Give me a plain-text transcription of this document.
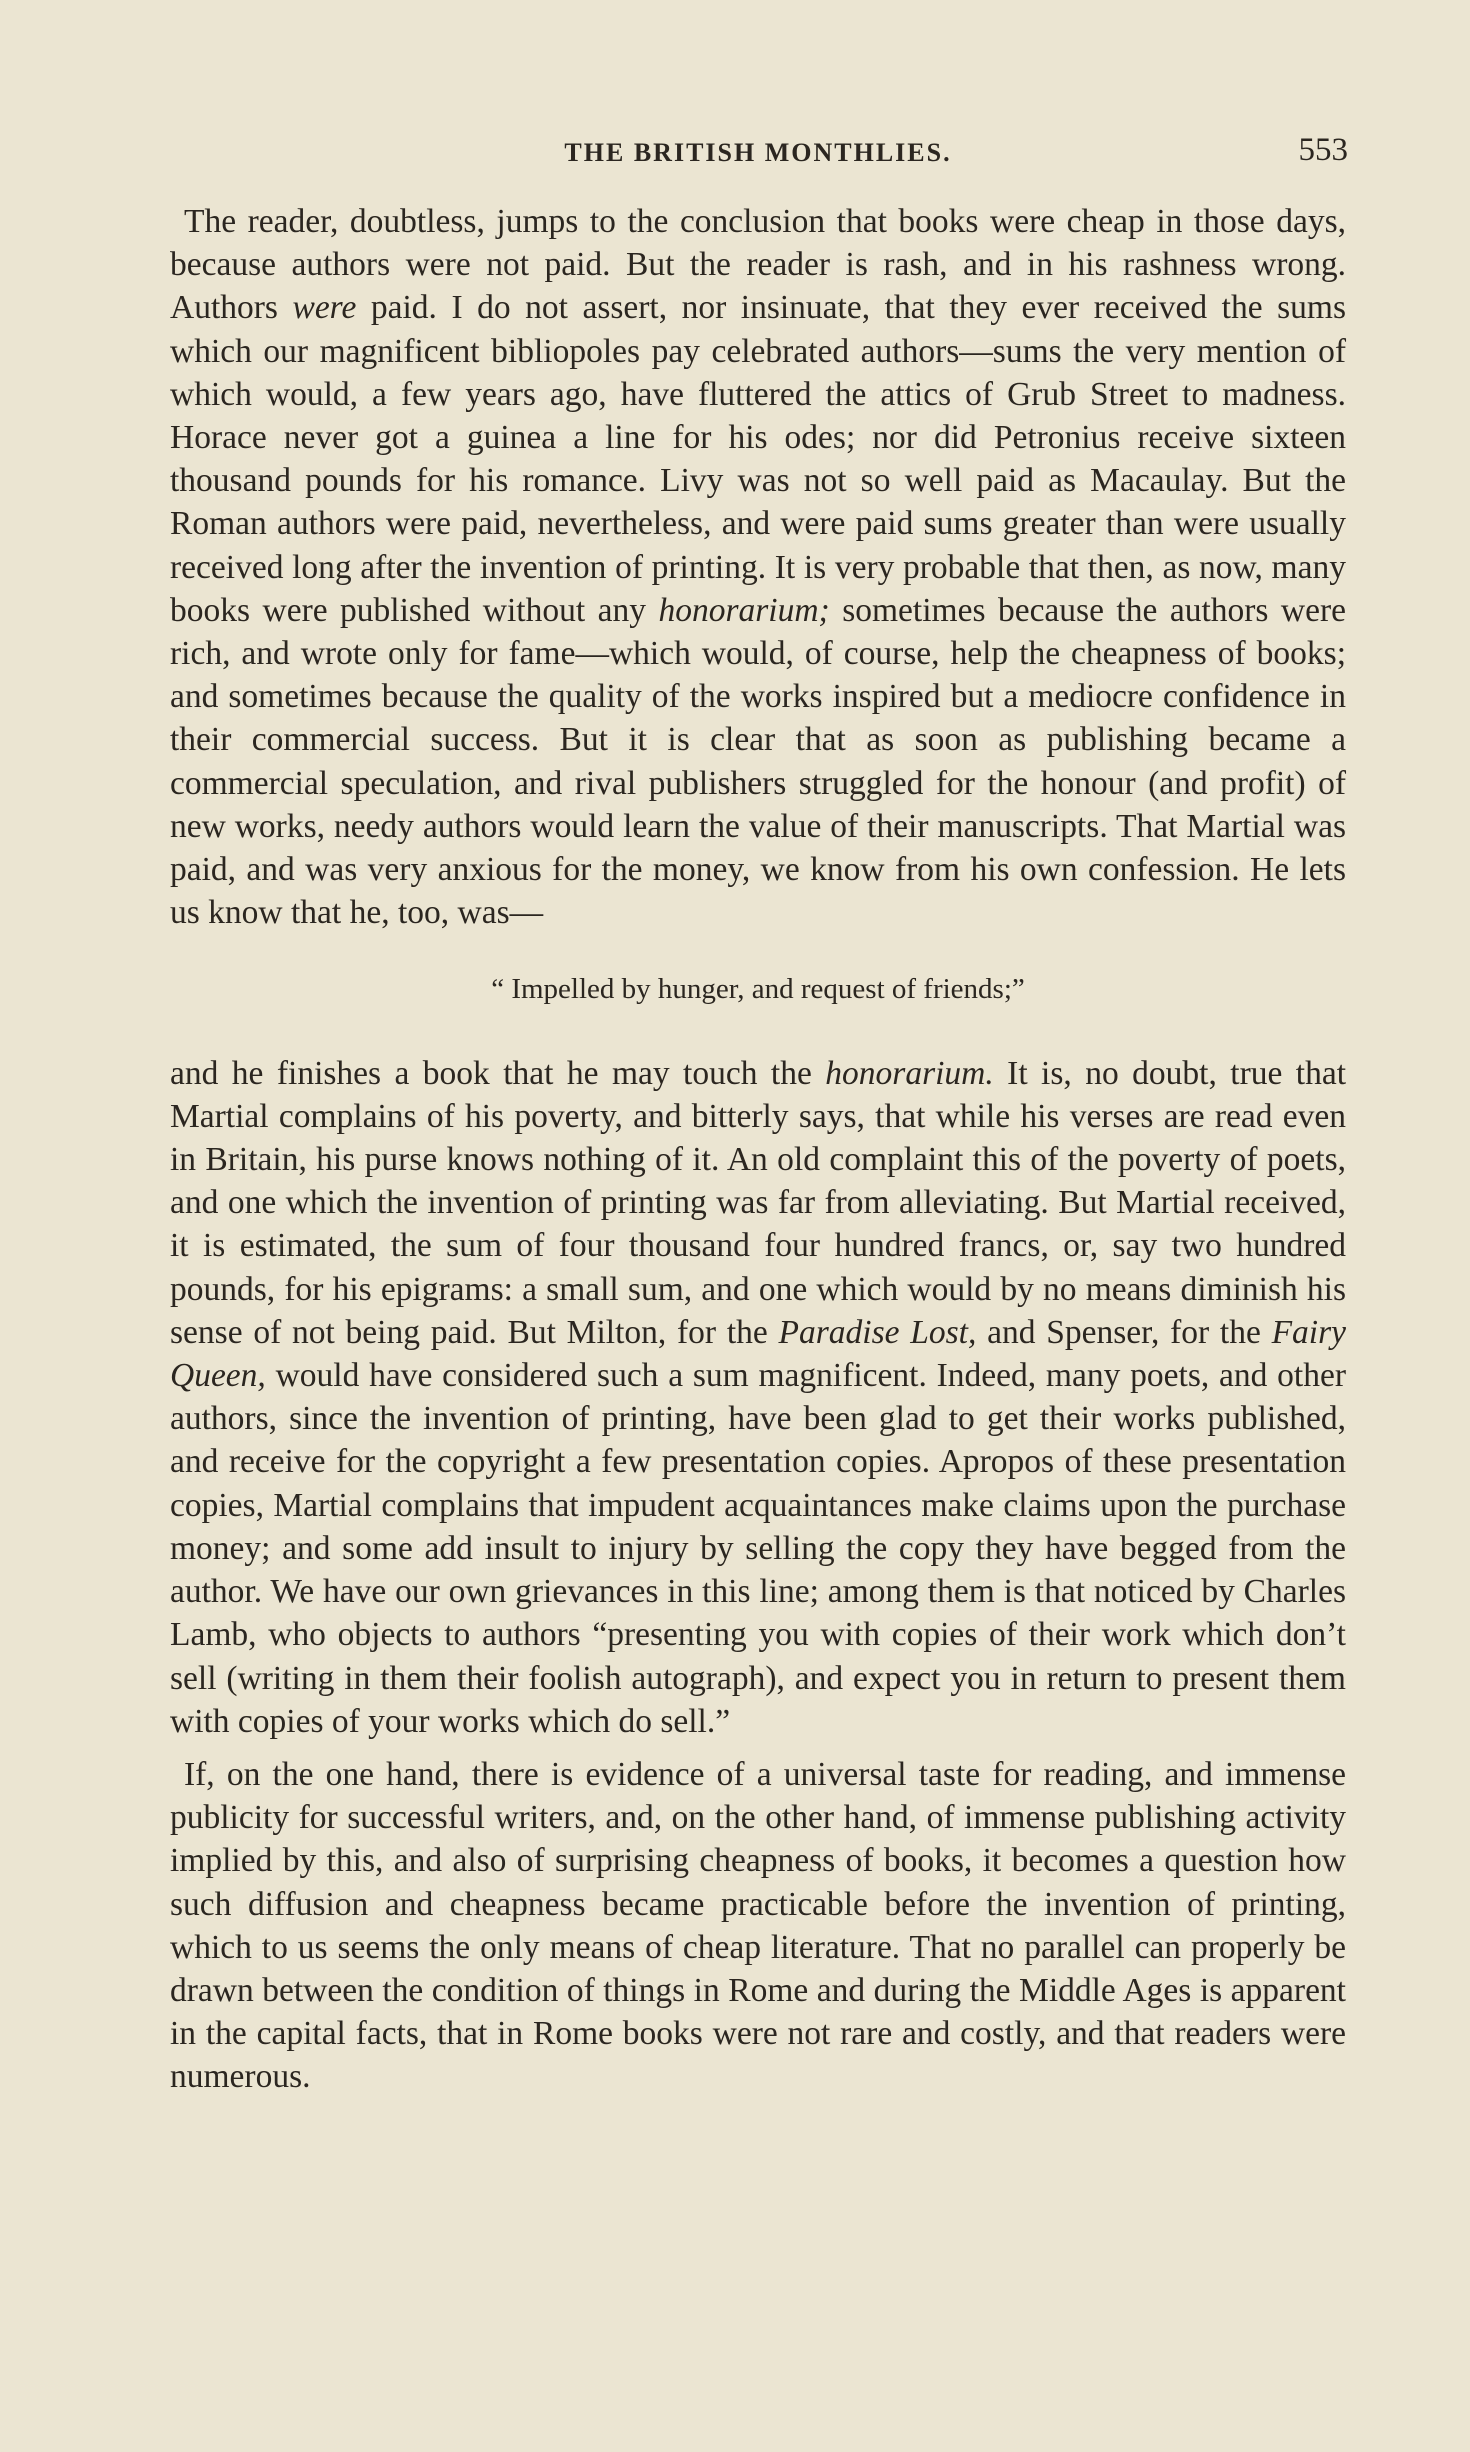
THE BRITISH MONTHLIES.	553

The reader, doubtless, jumps to the conclusion that books were cheap in those days, because authors were not paid. But the reader is rash, and in his rashness wrong. Authors were paid. I do not assert, nor insinuate, that they ever received the sums which our magnificent bibliopoles pay celebrated authors—sums the very mention of which would, a few years ago, have fluttered the attics of Grub Street to madness. Horace never got a guinea a line for his odes; nor did Petronius receive sixteen thousand pounds for his romance. Livy was not so well paid as Macaulay. But the Roman authors were paid, nevertheless, and were paid sums greater than were usually received long after the invention of printing. It is very probable that then, as now, many books were published without any honorarium; sometimes because the authors were rich, and wrote only for fame—which would, of course, help the cheapness of books; and sometimes because the quality of the works inspired but a mediocre confidence in their commercial success. But it is clear that as soon as publishing became a commercial speculation, and rival publishers struggled for the honour (and profit) of new works, needy authors would learn the value of their manuscripts. That Martial was paid, and was very anxious for the money, we know from his own confession. He lets us know that he, too, was—

“ Impelled by hunger, and request of friends;”

and he finishes a book that he may touch the honorarium. It is, no doubt, true that Martial complains of his poverty, and bitterly says, that while his verses are read even in Britain, his purse knows nothing of it. An old complaint this of the poverty of poets, and one which the invention of printing was far from alleviating. But Martial received, it is estimated, the sum of four thousand four hundred francs, or, say two hundred pounds, for his epigrams: a small sum, and one which would by no means diminish his sense of not being paid. But Milton, for the Paradise Lost, and Spenser, for the Fairy Queen, would have considered such a sum magnificent. Indeed, many poets, and other authors, since the invention of printing, have been glad to get their works published, and receive for the copyright a few presentation copies. Apropos of these presentation copies, Martial complains that impudent acquaintances make claims upon the purchase money; and some add insult to injury by selling the copy they have begged from the author. We have our own grievances in this line; among them is that noticed by Charles Lamb, who objects to authors “presenting you with copies of their work which don’t sell (writing in them their foolish autograph), and expect you in return to present them with copies of your works which do sell.”

If, on the one hand, there is evidence of a universal taste for reading, and immense publicity for successful writers, and, on the other hand, of immense publishing activity implied by this, and also of surprising cheapness of books, it becomes a question how such diffusion and cheapness became practicable before the invention of printing, which to us seems the only means of cheap literature. That no parallel can properly be drawn between the condition of things in Rome and during the Middle Ages is apparent in the capital facts, that in Rome books were not rare and costly, and that readers were numerous.
